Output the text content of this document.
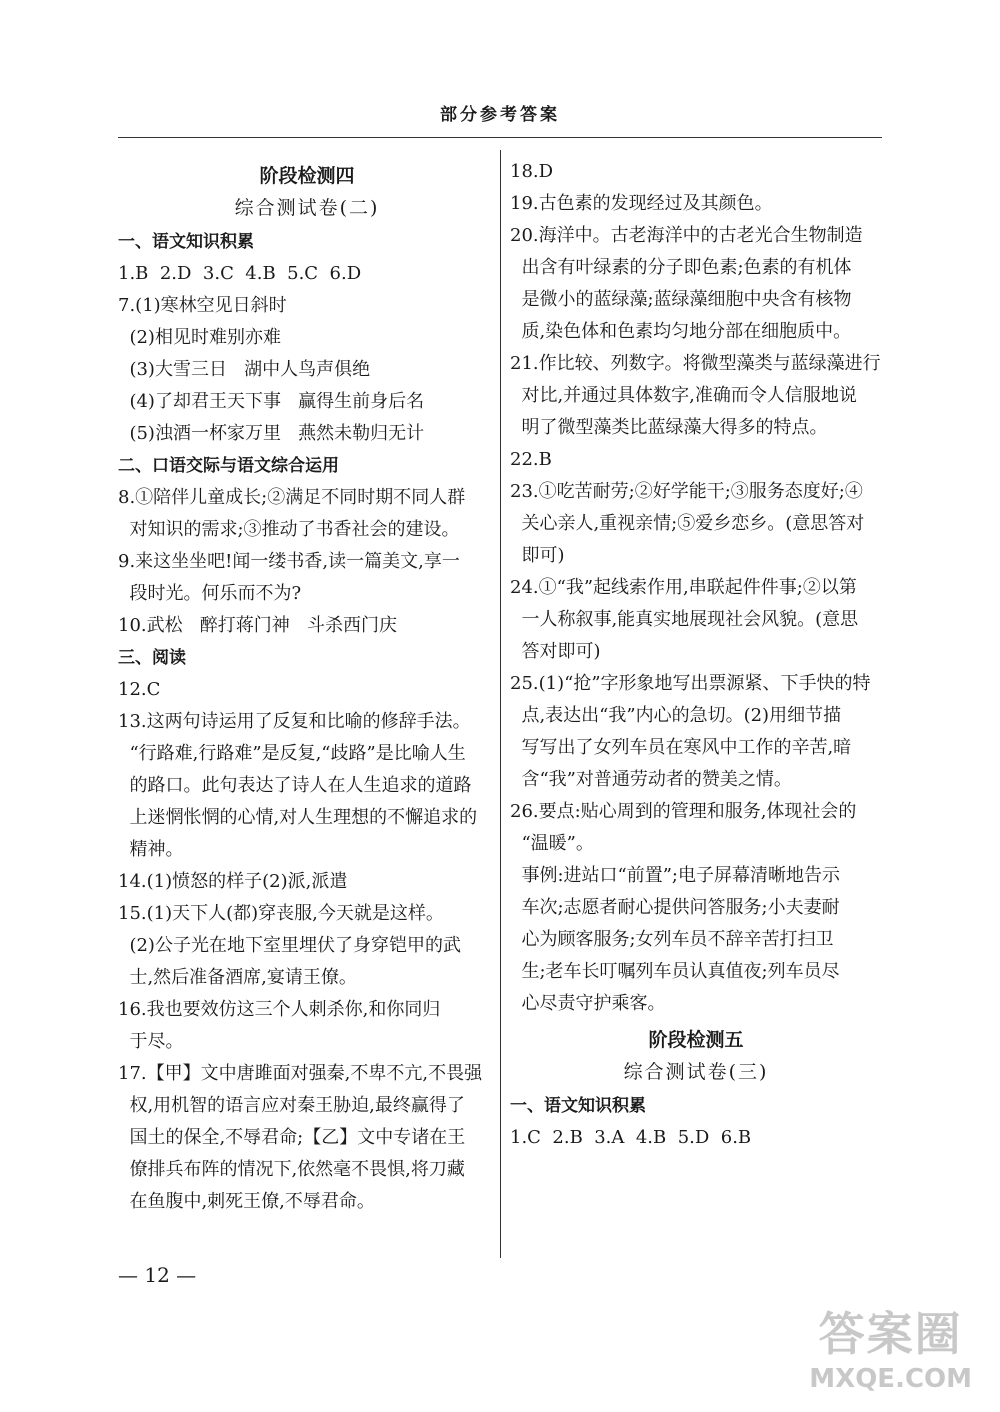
部分参考答案
阶段检测四
综合测试卷(二)
一、语文知识积累
1.B  2.D  3.C  4.B  5.C  6.D
7.(1)寒林空见日斜时
(2)相见时难别亦难
(3)大雪三日   湖中人鸟声俱绝
(4)了却君王天下事   赢得生前身后名
(5)浊酒一杯家万里   燕然未勒归无计
二、口语交际与语文综合运用
8.①陪伴儿童成长;②满足不同时期不同人群
对知识的需求;③推动了书香社会的建设。
9.来这坐坐吧!闻一缕书香,读一篇美文,享一
段时光。何乐而不为?
10.武松   醉打蒋门神   斗杀西门庆
三、阅读
12.C
13.这两句诗运用了反复和比喻的修辞手法。
“行路难,行路难”是反复,“歧路”是比喻人生
的路口。此句表达了诗人在人生追求的道路
上迷惘怅惘的心情,对人生理想的不懈追求的
精神。
14.(1)愤怒的样子(2)派,派遣
15.(1)天下人(都)穿丧服,今天就是这样。
(2)公子光在地下室里埋伏了身穿铠甲的武
士,然后准备酒席,宴请王僚。
16.我也要效仿这三个人刺杀你,和你同归
于尽。
17.【甲】文中唐雎面对强秦,不卑不亢,不畏强
权,用机智的语言应对秦王胁迫,最终赢得了
国土的保全,不辱君命;【乙】文中专诸在王
僚排兵布阵的情况下,依然毫不畏惧,将刀藏
在鱼腹中,刺死王僚,不辱君命。
18.D
19.古色素的发现经过及其颜色。
20.海洋中。古老海洋中的古老光合生物制造
出含有叶绿素的分子即色素;色素的有机体
是微小的蓝绿藻;蓝绿藻细胞中央含有核物
质,染色体和色素均匀地分部在细胞质中。
21.作比较、列数字。将微型藻类与蓝绿藻进行
对比,并通过具体数字,准确而令人信服地说
明了微型藻类比蓝绿藻大得多的特点。
22.B
23.①吃苦耐劳;②好学能干;③服务态度好;④
关心亲人,重视亲情;⑤爱乡恋乡。(意思答对
即可)
24.①“我”起线索作用,串联起件件事;②以第
一人称叙事,能真实地展现社会风貌。(意思
答对即可)
25.(1)“抢”字形象地写出票源紧、下手快的特
点,表达出“我”内心的急切。(2)用细节描
写写出了女列车员在寒风中工作的辛苦,暗
含“我”对普通劳动者的赞美之情。
26.要点:贴心周到的管理和服务,体现社会的
“温暖”。
事例:进站口“前置”;电子屏幕清晰地告示
车次;志愿者耐心提供问答服务;小夫妻耐
心为顾客服务;女列车员不辞辛苦打扫卫
生;老车长叮嘱列车员认真值夜;列车员尽
心尽责守护乘客。
阶段检测五
综合测试卷(三)
一、语文知识积累
1.C  2.B  3.A  4.B  5.D  6.B
— 12 —
答案圈
MXQE.COM
